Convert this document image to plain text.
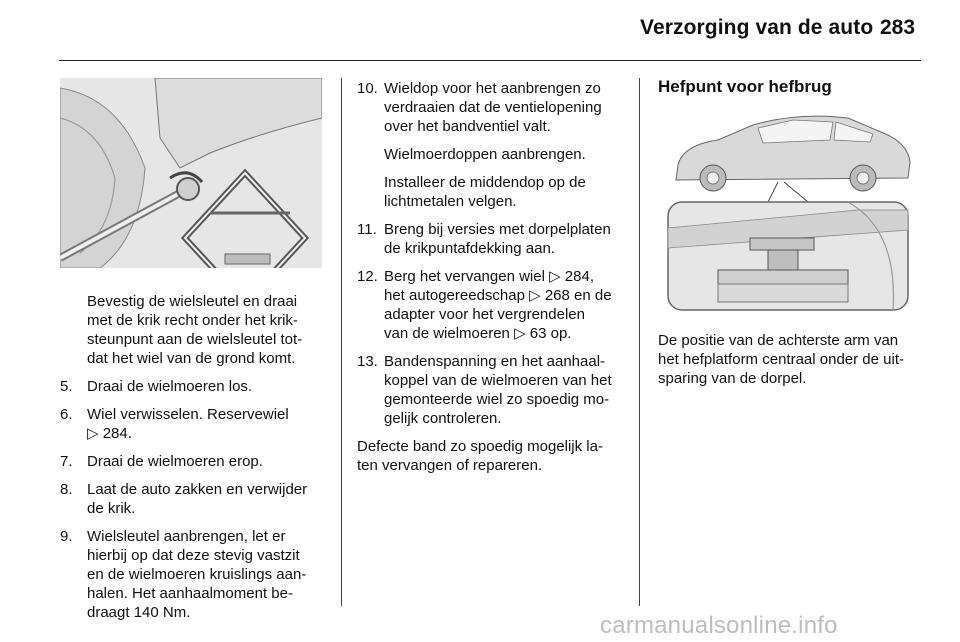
Verzorging van de auto 283
Bevestig de wielsleutel en draai
met de krik recht onder het krik-
steunpunt aan de wielsleutel tot-
dat het wiel van de grond komt.
5. Draai de wielmoeren los.
6. Wiel verwisselen. Reservewiel
▷ 284.
7. Draai de wielmoeren erop.
8. Laat de auto zakken en verwijder
de krik.
9. Wielsleutel aanbrengen, let er
hierbij op dat deze stevig vastzit
en de wielmoeren kruislings aan-
halen. Het aanhaalmoment be-
draagt 140 Nm.
10. Wieldop voor het aanbrengen zo
verdraaien dat de ventielopening
over het bandventiel valt.
Wielmoerdoppen aanbrengen.
Installeer de middendop op de
lichtmetalen velgen.
11. Breng bij versies met dorpelplaten
de krikpuntafdekking aan.
12. Berg het vervangen wiel ▷ 284,
het autogereedschap ▷ 268 en de
adapter voor het vergrendelen
van de wielmoeren ▷ 63 op.
13. Bandenspanning en het aanhaal-
koppel van de wielmoeren van het
gemonteerde wiel zo spoedig mo-
gelijk controleren.
Defecte band zo spoedig mogelijk la-
ten vervangen of repareren.
Hefpunt voor hefbrug
De positie van de achterste arm van
het hefplatform centraal onder de uit-
sparing van de dorpel.
carmanualsonline.info
